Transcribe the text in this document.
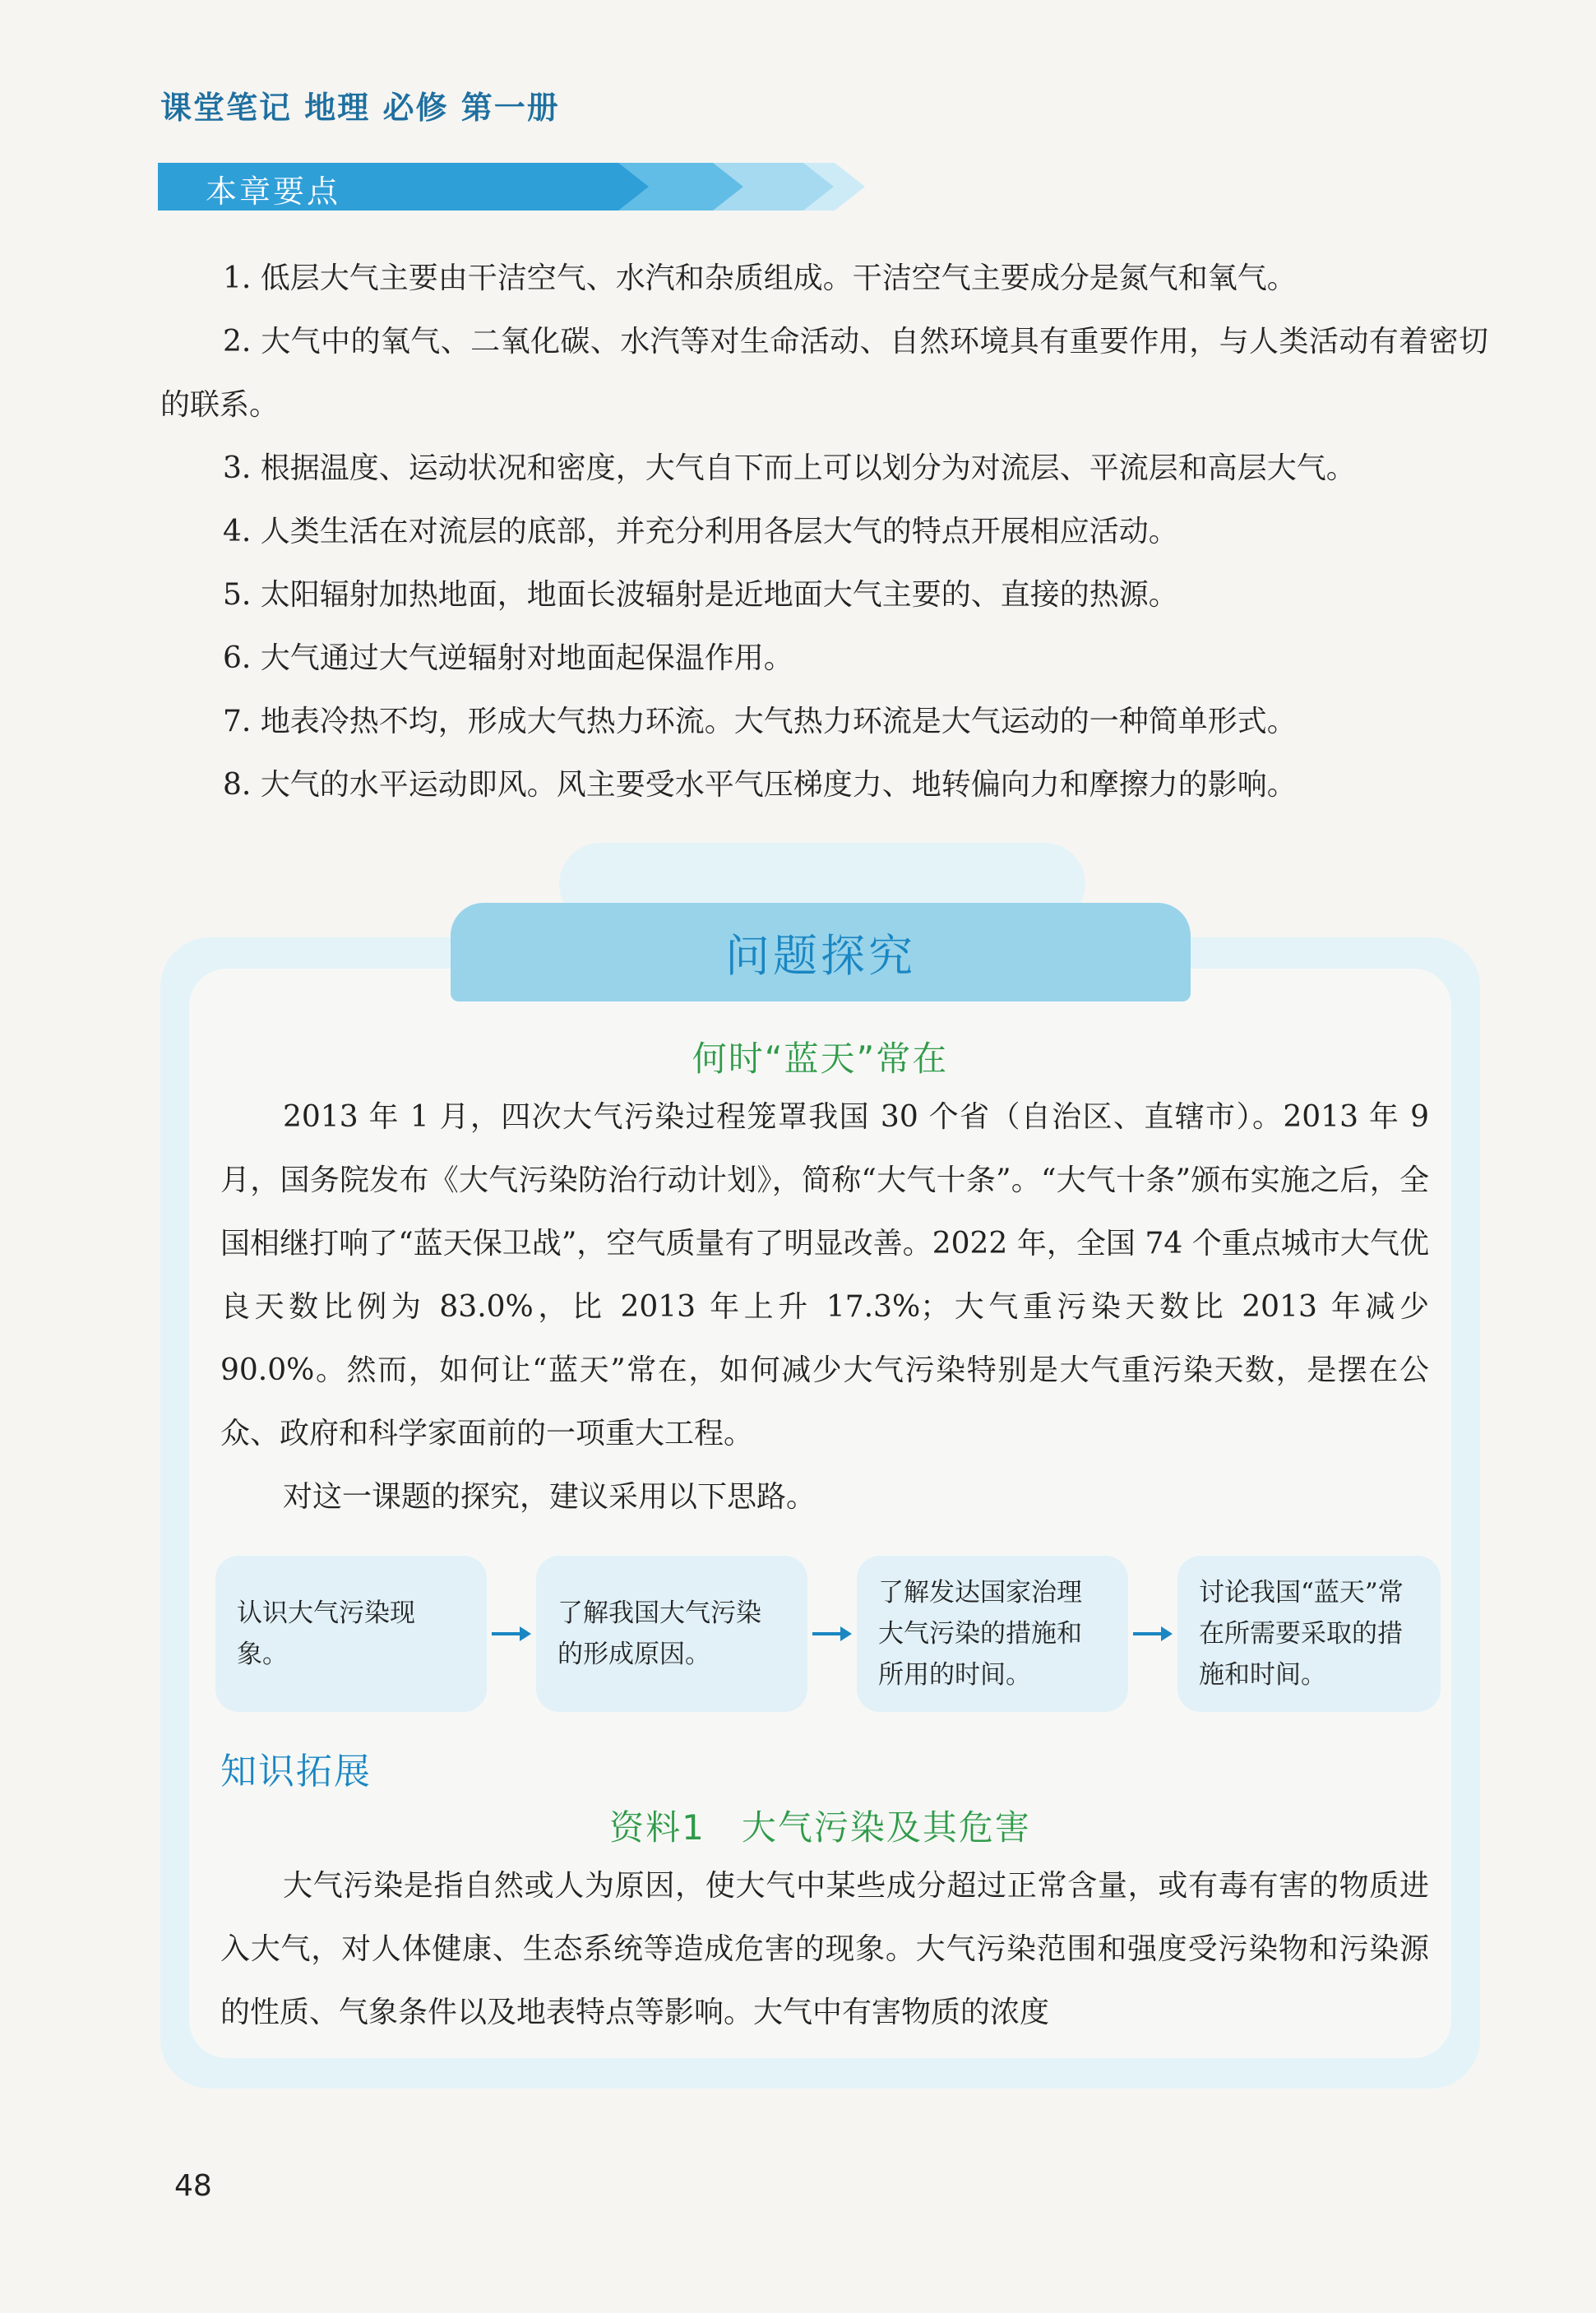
课堂笔记 地理 必修 第一册
本章要点
1. 低层大气主要由干洁空气、水汽和杂质组成。干洁空气主要成分是氮气和氧气。
2. 大气中的氧气、二氧化碳、水汽等对生命活动、自然环境具有重要作用，与人类活动有着密切的联系。
3. 根据温度、运动状况和密度，大气自下而上可以划分为对流层、平流层和高层大气。
4. 人类生活在对流层的底部，并充分利用各层大气的特点开展相应活动。
5. 太阳辐射加热地面，地面长波辐射是近地面大气主要的、直接的热源。
6. 大气通过大气逆辐射对地面起保温作用。
7. 地表冷热不均，形成大气热力环流。大气热力环流是大气运动的一种简单形式。
8. 大气的水平运动即风。风主要受水平气压梯度力、地转偏向力和摩擦力的影响。
问题探究
何时“蓝天”常在

2013 年 1 月，四次大气污染过程笼罩我国 30 个省（自治区、直辖市）。2013 年 9 月，国务院发布《大气污染防治行动计划》，简称“大气十条”。“大气十条”颁布实施之后，全国相继打响了“蓝天保卫战”，空气质量有了明显改善。2022 年，全国 74 个重点城市大气优良天数比例为 83.0%，比 2013 年上升 17.3%；大气重污染天数比 2013 年减少 90.0%。然而，如何让“蓝天”常在，如何减少大气污染特别是大气重污染天数，是摆在公众、政府和科学家面前的一项重大工程。

对这一课题的探究，建议采用以下思路。

认识大气污染现象。
了解我国大气污染的形成原因。
了解发达国家治理大气污染的措施和所用的时间。
讨论我国“蓝天”常在所需要采取的措施和时间。
知识拓展
资料1　大气污染及其危害

大气污染是指自然或人为原因，使大气中某些成分超过正常含量，或有毒有害的物质进入大气，对人体健康、生态系统等造成危害的现象。大气污染范围和强度受污染物和污染源的性质、气象条件以及地表特点等影响。大气中有害物质的浓度

48
